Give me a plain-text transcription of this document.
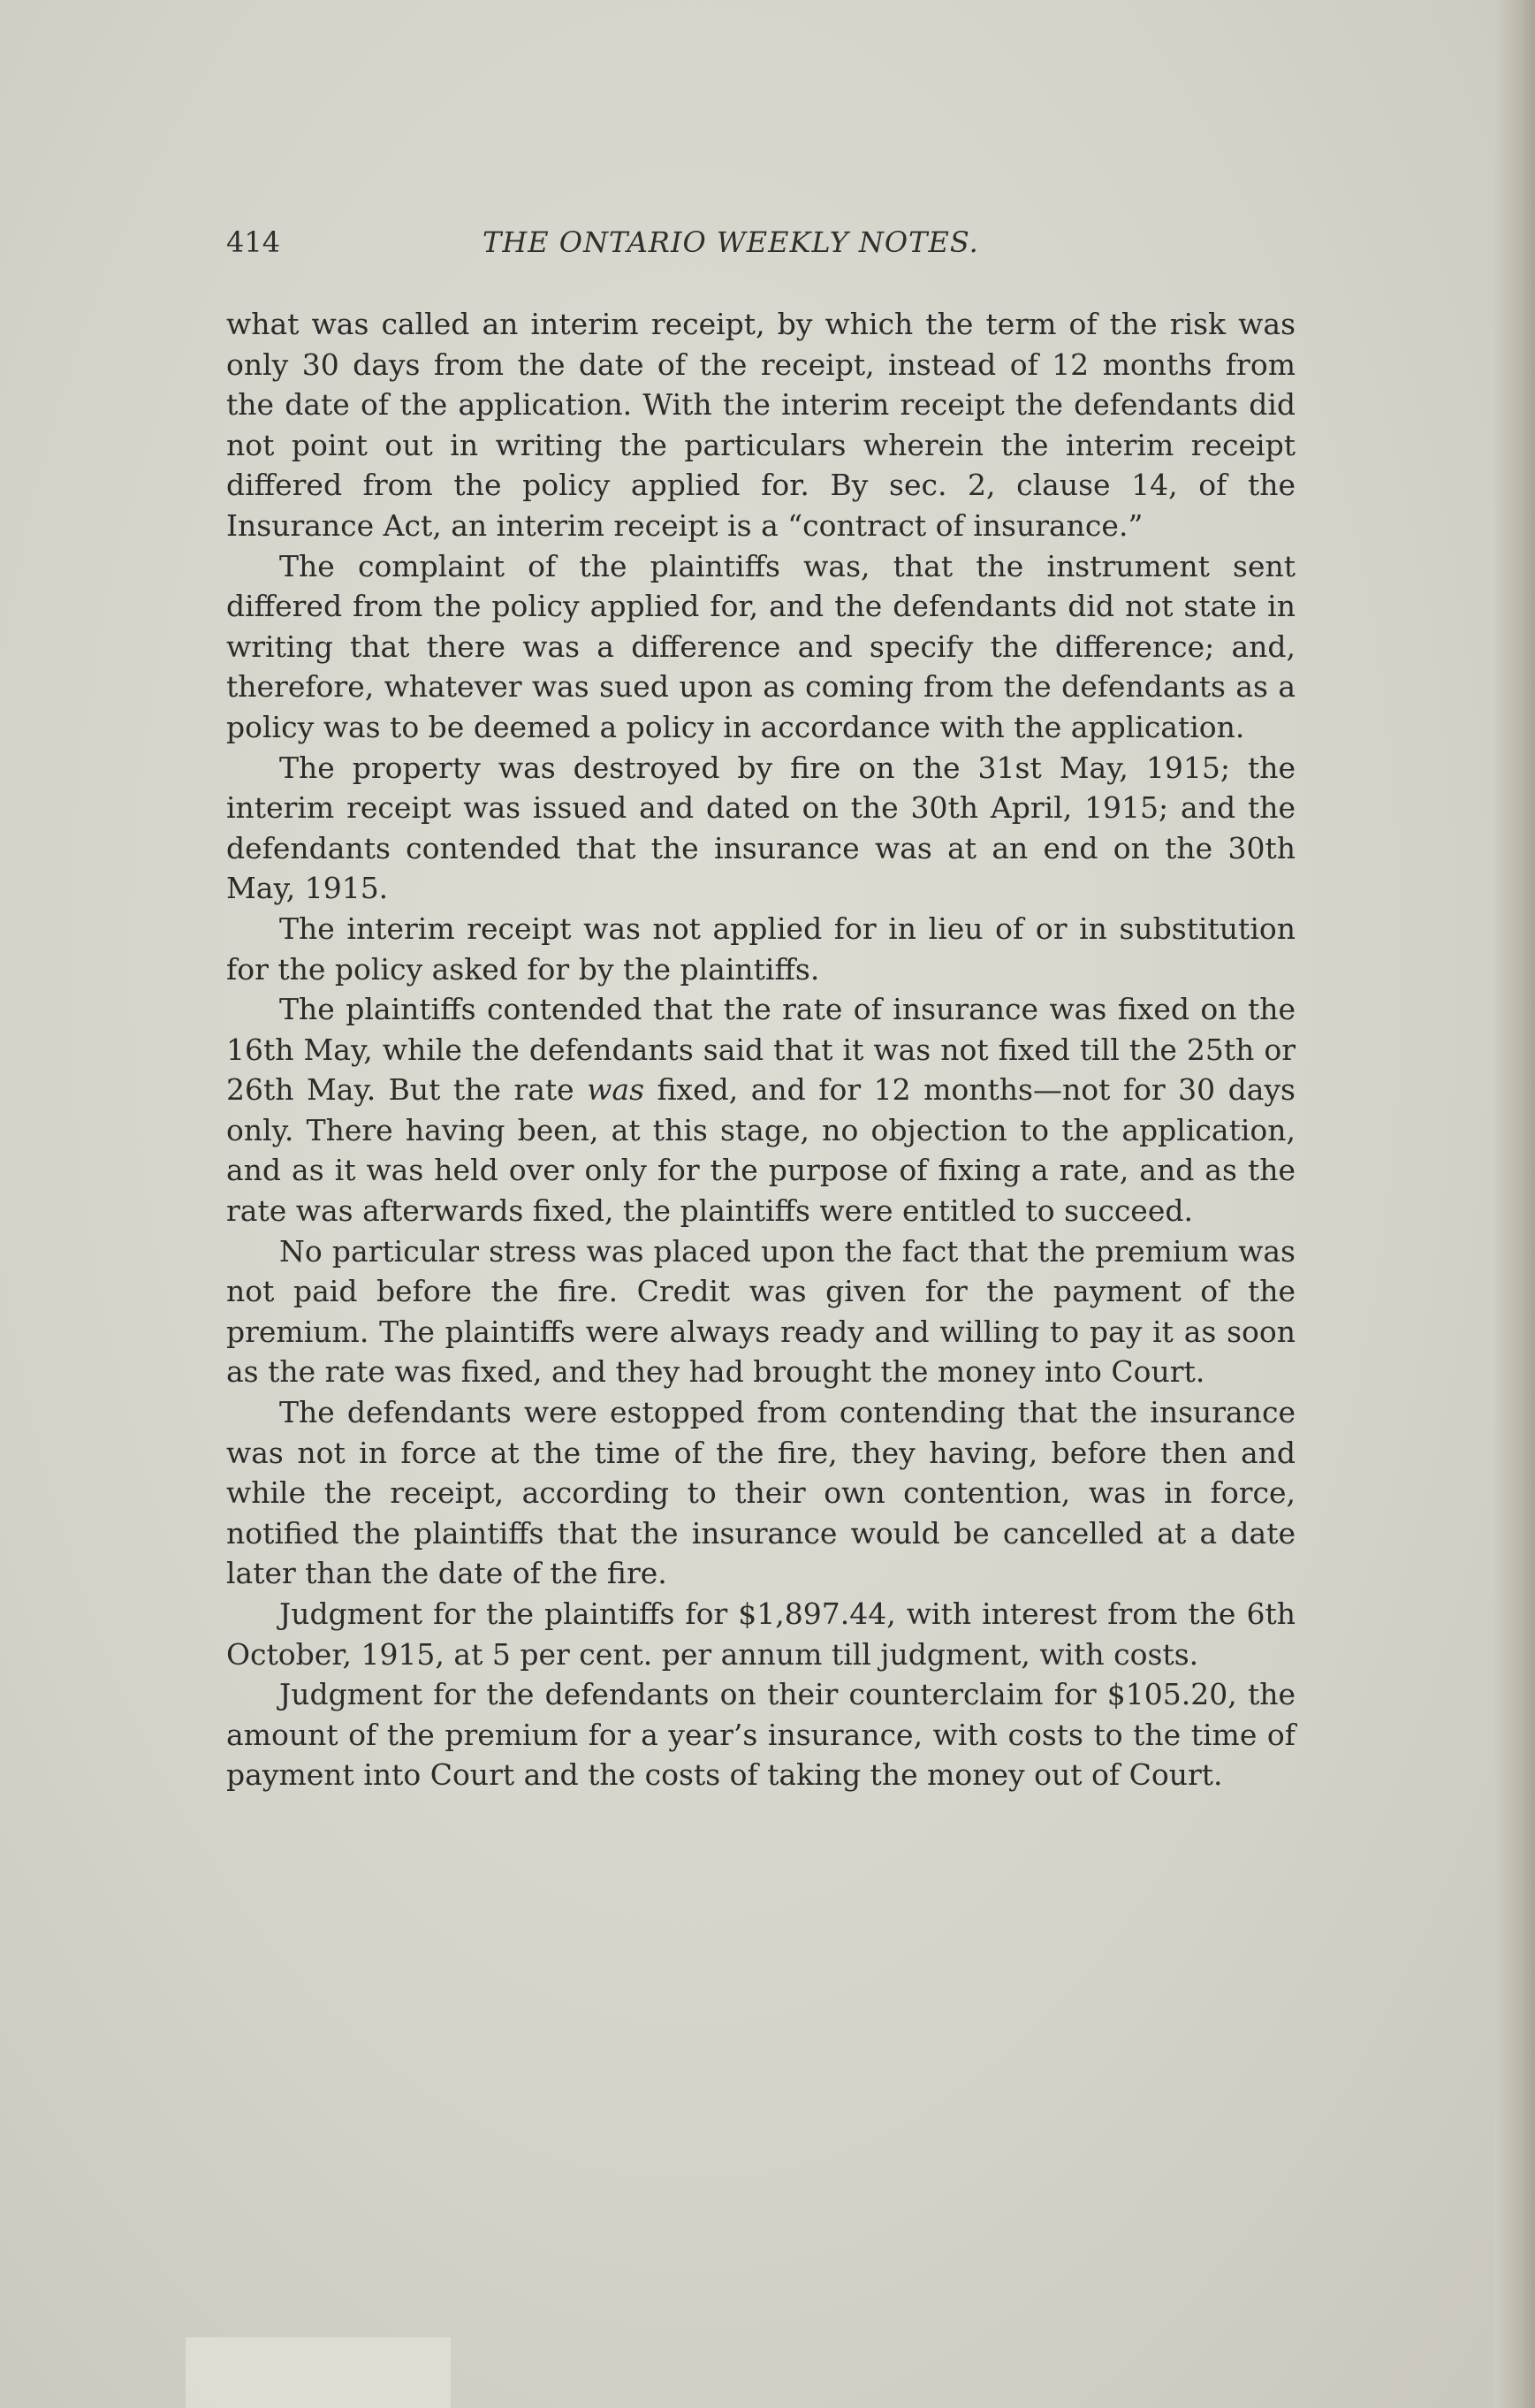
414	THE ONTARIO WEEKLY NOTES.

what was called an interim receipt, by which the term of the risk was only 30 days from the date of the receipt, instead of 12 months from the date of the application. With the interim receipt the defendants did not point out in writing the particulars wherein the interim receipt differed from the policy applied for. By sec. 2, clause 14, of the Insurance Act, an interim receipt is a “contract of insurance.”

The complaint of the plaintiffs was, that the instrument sent differed from the policy applied for, and the defendants did not state in writing that there was a difference and specify the difference; and, therefore, whatever was sued upon as coming from the defendants as a policy was to be deemed a policy in accordance with the application.

The property was destroyed by fire on the 31st May, 1915; the interim receipt was issued and dated on the 30th April, 1915; and the defendants contended that the insurance was at an end on the 30th May, 1915.

The interim receipt was not applied for in lieu of or in substitution for the policy asked for by the plaintiffs.

The plaintiffs contended that the rate of insurance was fixed on the 16th May, while the defendants said that it was not fixed till the 25th or 26th May. But the rate was fixed, and for 12 months—not for 30 days only. There having been, at this stage, no objection to the application, and as it was held over only for the purpose of fixing a rate, and as the rate was afterwards fixed, the plaintiffs were entitled to succeed.

No particular stress was placed upon the fact that the premium was not paid before the fire. Credit was given for the payment of the premium. The plaintiffs were always ready and willing to pay it as soon as the rate was fixed, and they had brought the money into Court.

The defendants were estopped from contending that the insurance was not in force at the time of the fire, they having, before then and while the receipt, according to their own contention, was in force, notified the plaintiffs that the insurance would be cancelled at a date later than the date of the fire.

Judgment for the plaintiffs for $1,897.44, with interest from the 6th October, 1915, at 5 per cent. per annum till judgment, with costs.

Judgment for the defendants on their counterclaim for $105.20, the amount of the premium for a year’s insurance, with costs to the time of payment into Court and the costs of taking the money out of Court.
